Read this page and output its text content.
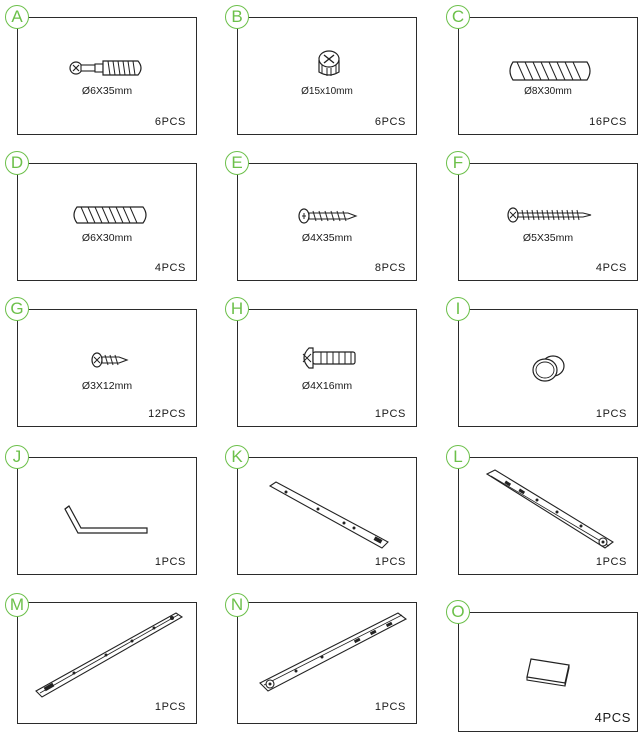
Ø6X35mm
6PCS
A
Ø15x10mm
6PCS
B
Ø8X30mm
16PCS
C
Ø6X30mm
4PCS
D
Ø4X35mm
8PCS
E
Ø5X35mm
4PCS
F
Ø3X12mm
12PCS
G
Ø4X16mm
1PCS
H
1PCS
I
1PCS
J
1PCS
K
1PCS
L
1PCS
M
1PCS
N
4PCS
O
